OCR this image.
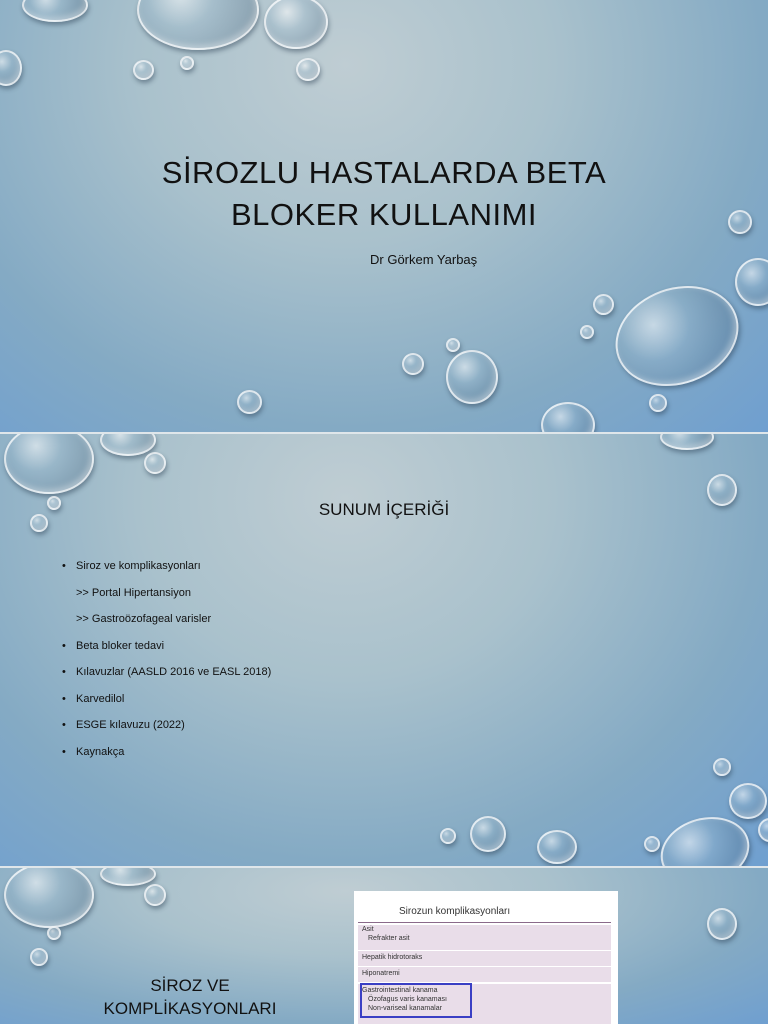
SİROZLU HASTALARDA BETA
BLOKER KULLANIMI
Dr Görkem Yarbaş
SUNUM İÇERİĞİ
• Siroz ve komplikasyonları
>> Portal Hipertansiyon
>> Gastroözofageal varisler
• Beta bloker tedavi
• Kılavuzlar (AASLD 2016 ve EASL 2018)
• Karvedilol
• ESGE kılavuzu (2022)
• Kaynakça
SİROZ VE
KOMPLİKASYONLARI
Sirozun komplikasyonları
Asit
Refrakter asit
Hepatik hidrotoraks
Hiponatremi
Gastrointestinal kanama
Özofagus varis kanaması
Non-variseal kanamalar
